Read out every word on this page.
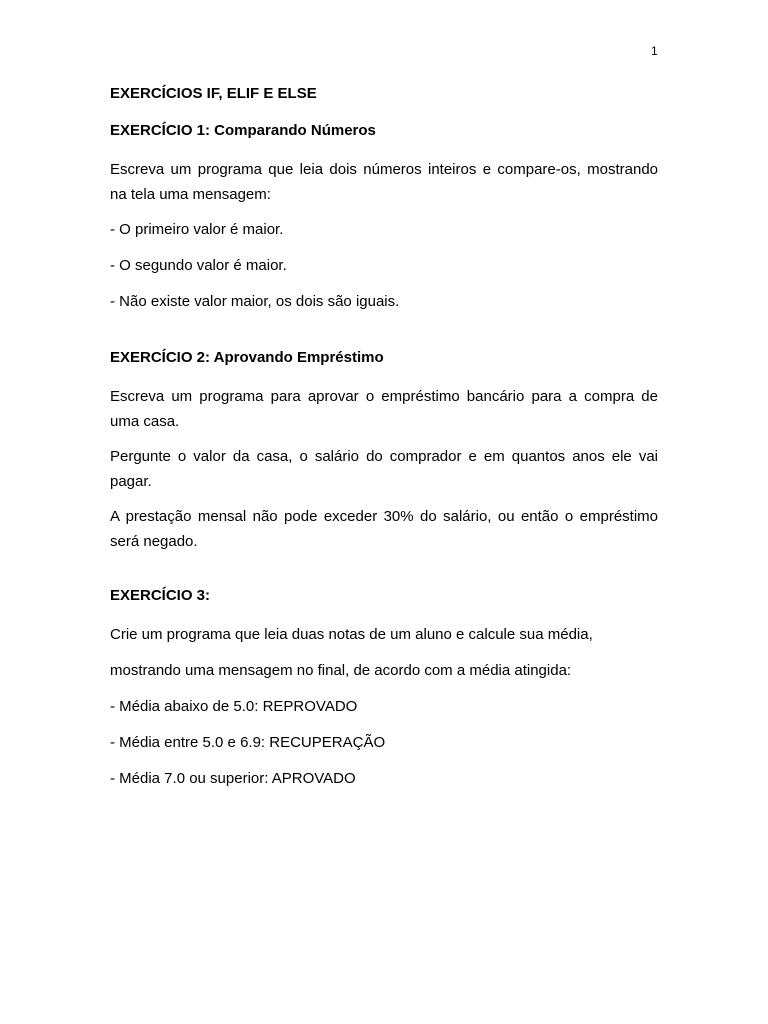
1
EXERCÍCIOS IF, ELIF E ELSE
EXERCÍCIO 1: Comparando Números

Escreva um programa que leia dois números inteiros e compare-os, mostrando
na tela uma mensagem:

- O primeiro valor é maior.

- O segundo valor é maior.

- Não existe valor maior, os dois são iguais.

EXERCÍCIO 2: Aprovando Empréstimo

Escreva um programa para aprovar o empréstimo bancário para a compra de
uma casa.

Pergunte o valor da casa, o salário do comprador e em quantos anos ele vai
pagar.

A prestação mensal não pode exceder 30% do salário, ou então o empréstimo
será negado.

EXERCÍCIO 3:

Crie um programa que leia duas notas de um aluno e calcule sua média,

mostrando uma mensagem no final, de acordo com a média atingida:

- Média abaixo de 5.0: REPROVADO

- Média entre 5.0 e 6.9: RECUPERAÇÃO

- Média 7.0 ou superior: APROVADO
